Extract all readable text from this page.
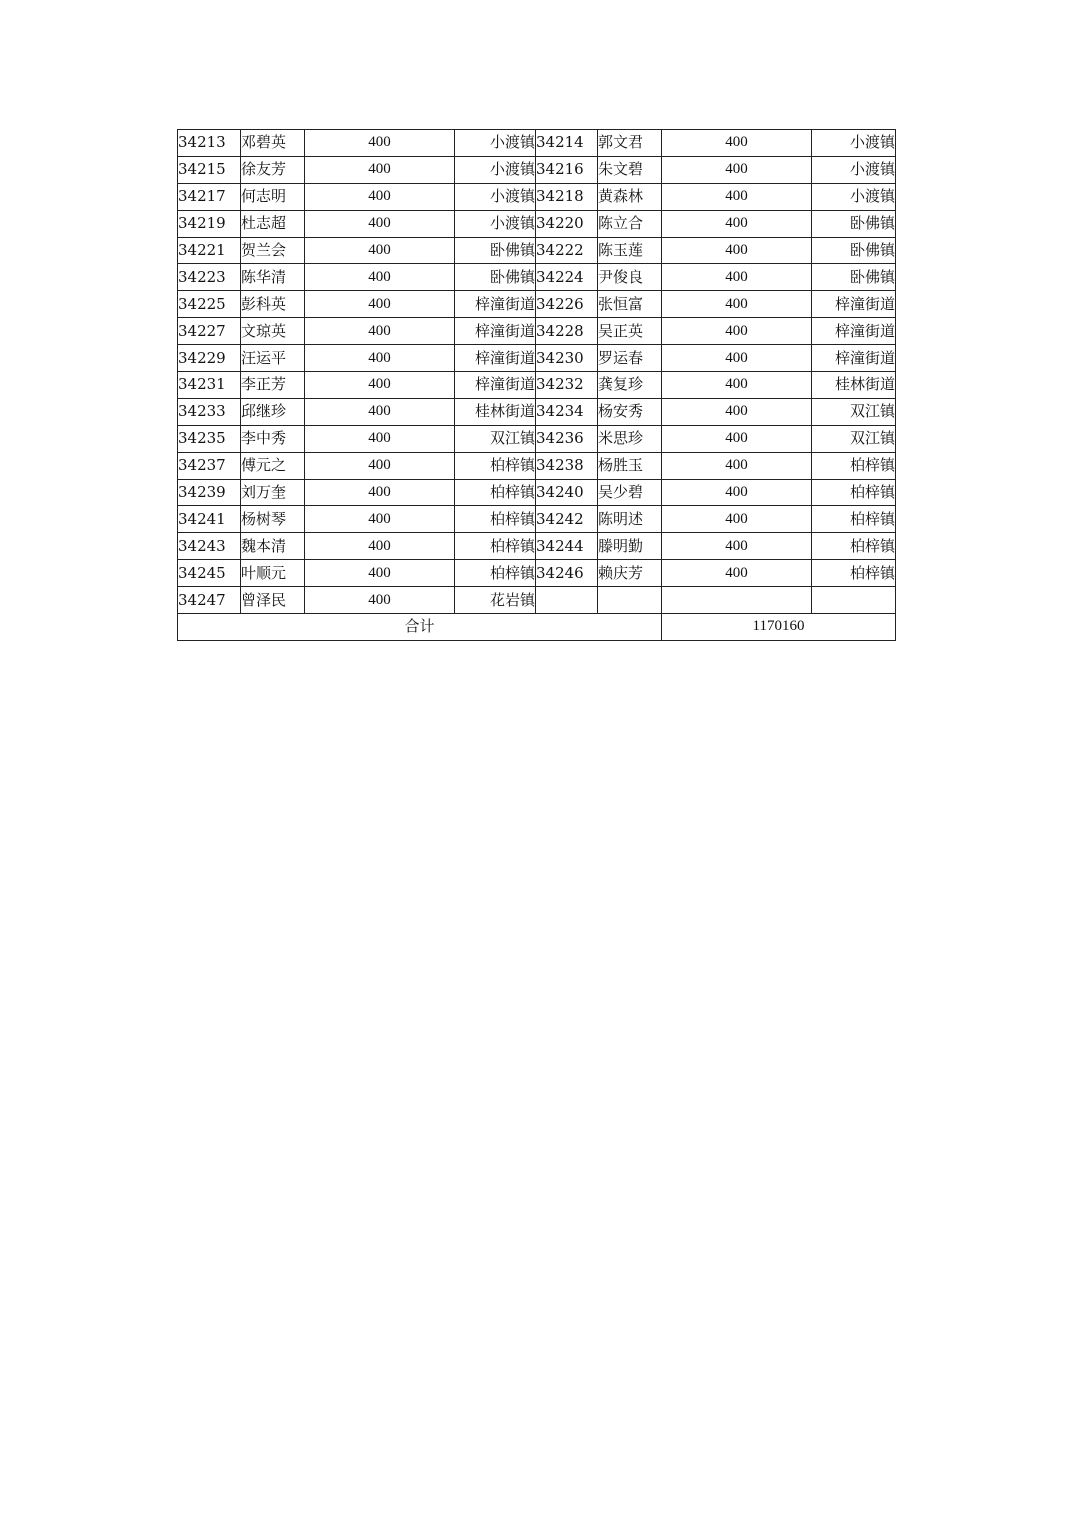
34213	邓碧英	400	小渡镇	34214	郭文君	400	小渡镇
34215	徐友芳	400	小渡镇	34216	朱文碧	400	小渡镇
34217	何志明	400	小渡镇	34218	黄森林	400	小渡镇
34219	杜志超	400	小渡镇	34220	陈立合	400	卧佛镇
34221	贺兰会	400	卧佛镇	34222	陈玉莲	400	卧佛镇
34223	陈华清	400	卧佛镇	34224	尹俊良	400	卧佛镇
34225	彭科英	400	梓潼街道	34226	张恒富	400	梓潼街道
34227	文琼英	400	梓潼街道	34228	吴正英	400	梓潼街道
34229	汪运平	400	梓潼街道	34230	罗运春	400	梓潼街道
34231	李正芳	400	梓潼街道	34232	龚复珍	400	桂林街道
34233	邱继珍	400	桂林街道	34234	杨安秀	400	双江镇
34235	李中秀	400	双江镇	34236	米思珍	400	双江镇
34237	傅元之	400	柏梓镇	34238	杨胜玉	400	柏梓镇
34239	刘万奎	400	柏梓镇	34240	吴少碧	400	柏梓镇
34241	杨树琴	400	柏梓镇	34242	陈明述	400	柏梓镇
34243	魏本清	400	柏梓镇	34244	滕明勤	400	柏梓镇
34245	叶顺元	400	柏梓镇	34246	赖庆芳	400	柏梓镇
34247	曾泽民	400	花岩镇				
合计						1170160	
